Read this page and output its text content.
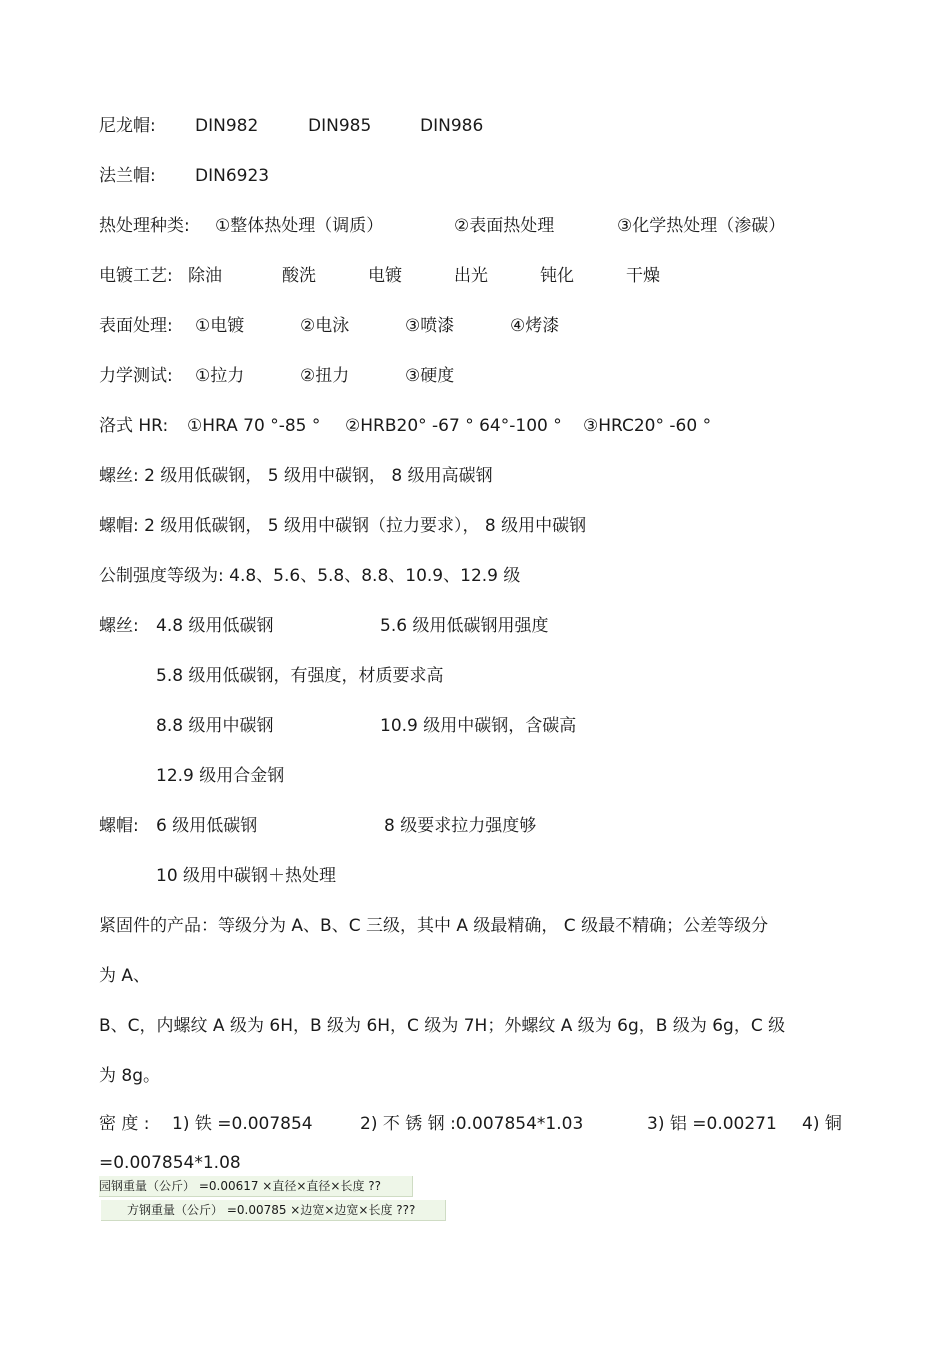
尼龙帽: DIN982	DIN985	DIN986
法兰帽: DIN6923
热处理种类: ①整体热处理（调质）	②表面热处理	③化学热处理（渗碳）
电镀工艺: 除油	酸洗	电镀	出光	钝化	干燥
表面处理: ①电镀	②电泳	③喷漆	④烤漆
力学测试: ①拉力	②扭力	③硬度
洛式 HR: ①HRA 70 °-85 ° ②HRB20° -67 ° 64°-100 ° ③HRC20° -60 °
螺丝: 2 级用低碳钢， 5 级用中碳钢， 8 级用高碳钢
螺帽: 2 级用低碳钢， 5 级用中碳钢（拉力要求）， 8 级用中碳钢
公制强度等级为: 4.8、5.6、5.8、8.8、10.9、12.9 级
螺丝: 4.8 级用低碳钢	5.6 级用低碳钢用强度
5.8 级用低碳钢，有强度，材质要求高
8.8 级用中碳钢	10.9 级用中碳钢，含碳高
12.9 级用合金钢
螺帽: 6 级用低碳钢	8 级要求拉力强度够
10 级用中碳钢＋热处理
紧固件的产品：等级分为 A、B、C 三级，其中 A 级最精确， C 级最不精确；公差等级分
为 A、
B、C，内螺纹 A 级为 6H，B 级为 6H，C 级为 7H；外螺纹 A 级为 6g，B 级为 6g，C 级
为 8g。
密 度 : 1) 铁 =0.007854	2) 不 锈 钢 :0.007854*1.03	3) 铝 =0.00271 4) 铜
=0.007854*1.08
园钢重量（公斤） =0.00617 ×直径×直径×长度 ??
方钢重量（公斤） =0.00785 ×边宽×边宽×长度 ???
